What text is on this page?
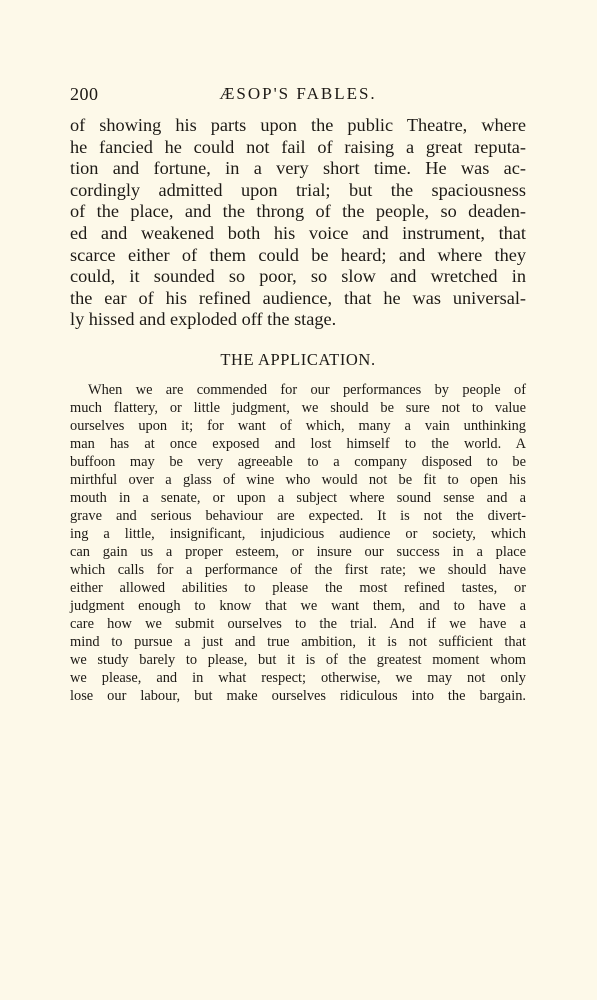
200	ÆSOP'S FABLES.
of showing his parts upon the public Theatre, where
he fancied he could not fail of raising a great reputa-
tion and fortune, in a very short time. He was ac-
cordingly admitted upon trial; but the spaciousness
of the place, and the throng of the people, so deaden-
ed and weakened both his voice and instrument, that
scarce either of them could be heard; and where they
could, it sounded so poor, so slow and wretched in
the ear of his refined audience, that he was universal-
ly hissed and exploded off the stage.
THE APPLICATION.
When we are commended for our performances by people of
much flattery, or little judgment, we should be sure not to value
ourselves upon it; for want of which, many a vain unthinking
man has at once exposed and lost himself to the world. A
buffoon may be very agreeable to a company disposed to be
mirthful over a glass of wine who would not be fit to open his
mouth in a senate, or upon a subject where sound sense and a
grave and serious behaviour are expected. It is not the divert-
ing a little, insignificant, injudicious audience or society, which
can gain us a proper esteem, or insure our success in a place
which calls for a performance of the first rate; we should have
either allowed abilities to please the most refined tastes, or
judgment enough to know that we want them, and to have a
care how we submit ourselves to the trial. And if we have a
mind to pursue a just and true ambition, it is not sufficient that
we study barely to please, but it is of the greatest moment whom
we please, and in what respect; otherwise, we may not only
lose our labour, but make ourselves ridiculous into the bargain.
